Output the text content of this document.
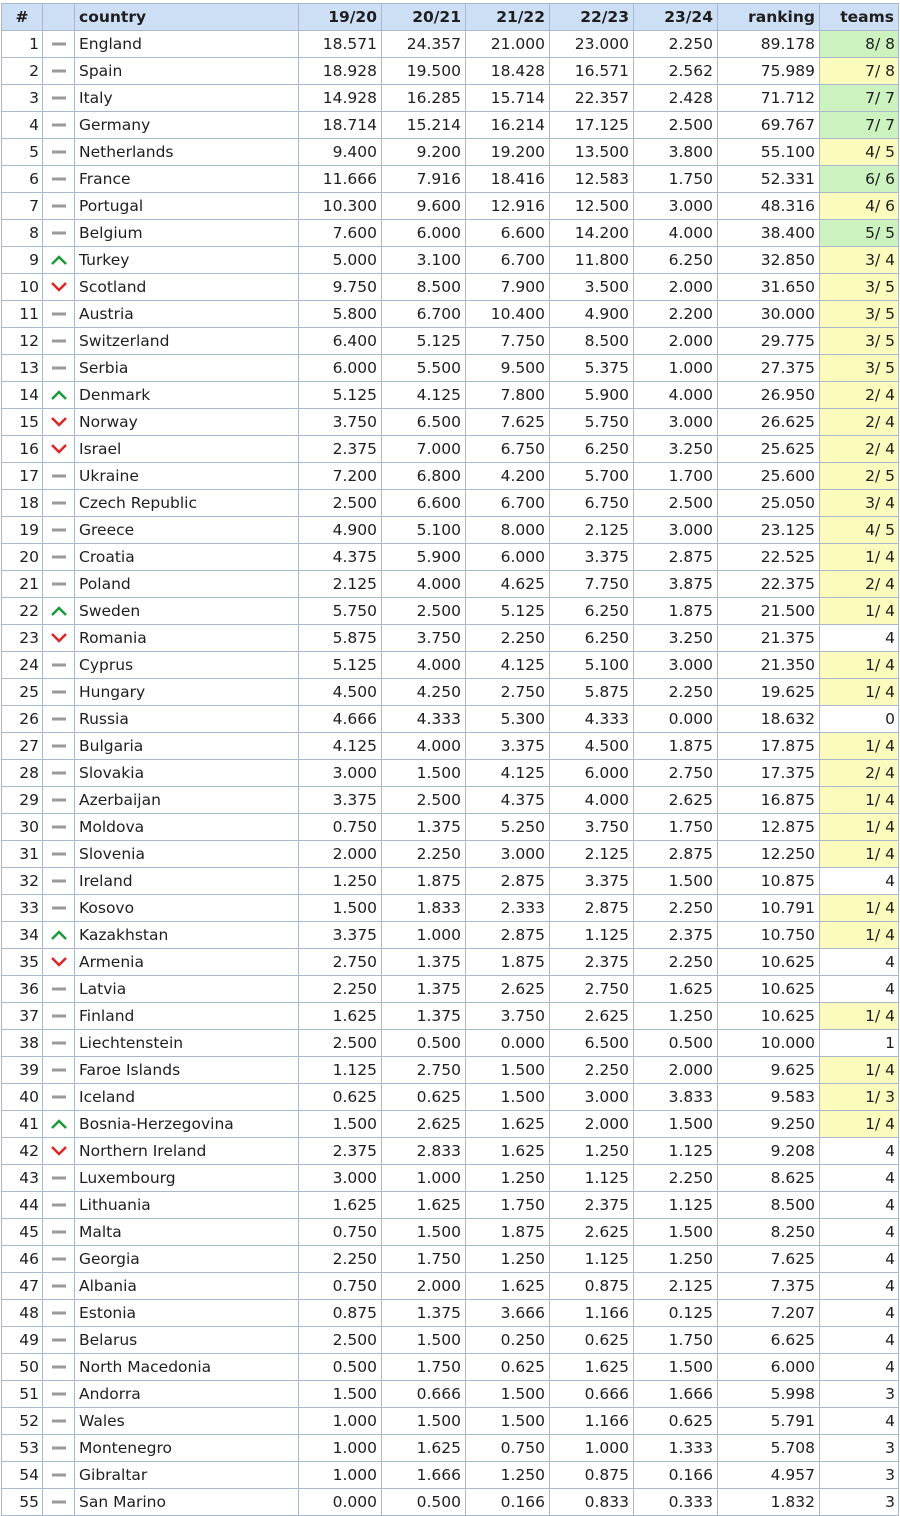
#		country	19/20	20/21	21/22	22/23	23/24	ranking	teams
1		England	18.571	24.357	21.000	23.000	2.250	89.178	8/ 8
2		Spain	18.928	19.500	18.428	16.571	2.562	75.989	7/ 8
3		Italy	14.928	16.285	15.714	22.357	2.428	71.712	7/ 7
4		Germany	18.714	15.214	16.214	17.125	2.500	69.767	7/ 7
5		Netherlands	9.400	9.200	19.200	13.500	3.800	55.100	4/ 5
6		France	11.666	7.916	18.416	12.583	1.750	52.331	6/ 6
7		Portugal	10.300	9.600	12.916	12.500	3.000	48.316	4/ 6
8		Belgium	7.600	6.000	6.600	14.200	4.000	38.400	5/ 5
9		Turkey	5.000	3.100	6.700	11.800	6.250	32.850	3/ 4
10		Scotland	9.750	8.500	7.900	3.500	2.000	31.650	3/ 5
11		Austria	5.800	6.700	10.400	4.900	2.200	30.000	3/ 5
12		Switzerland	6.400	5.125	7.750	8.500	2.000	29.775	3/ 5
13		Serbia	6.000	5.500	9.500	5.375	1.000	27.375	3/ 5
14		Denmark	5.125	4.125	7.800	5.900	4.000	26.950	2/ 4
15		Norway	3.750	6.500	7.625	5.750	3.000	26.625	2/ 4
16		Israel	2.375	7.000	6.750	6.250	3.250	25.625	2/ 4
17		Ukraine	7.200	6.800	4.200	5.700	1.700	25.600	2/ 5
18		Czech Republic	2.500	6.600	6.700	6.750	2.500	25.050	3/ 4
19		Greece	4.900	5.100	8.000	2.125	3.000	23.125	4/ 5
20		Croatia	4.375	5.900	6.000	3.375	2.875	22.525	1/ 4
21		Poland	2.125	4.000	4.625	7.750	3.875	22.375	2/ 4
22		Sweden	5.750	2.500	5.125	6.250	1.875	21.500	1/ 4
23		Romania	5.875	3.750	2.250	6.250	3.250	21.375	4
24		Cyprus	5.125	4.000	4.125	5.100	3.000	21.350	1/ 4
25		Hungary	4.500	4.250	2.750	5.875	2.250	19.625	1/ 4
26		Russia	4.666	4.333	5.300	4.333	0.000	18.632	0
27		Bulgaria	4.125	4.000	3.375	4.500	1.875	17.875	1/ 4
28		Slovakia	3.000	1.500	4.125	6.000	2.750	17.375	2/ 4
29		Azerbaijan	3.375	2.500	4.375	4.000	2.625	16.875	1/ 4
30		Moldova	0.750	1.375	5.250	3.750	1.750	12.875	1/ 4
31		Slovenia	2.000	2.250	3.000	2.125	2.875	12.250	1/ 4
32		Ireland	1.250	1.875	2.875	3.375	1.500	10.875	4
33		Kosovo	1.500	1.833	2.333	2.875	2.250	10.791	1/ 4
34		Kazakhstan	3.375	1.000	2.875	1.125	2.375	10.750	1/ 4
35		Armenia	2.750	1.375	1.875	2.375	2.250	10.625	4
36		Latvia	2.250	1.375	2.625	2.750	1.625	10.625	4
37		Finland	1.625	1.375	3.750	2.625	1.250	10.625	1/ 4
38		Liechtenstein	2.500	0.500	0.000	6.500	0.500	10.000	1
39		Faroe Islands	1.125	2.750	1.500	2.250	2.000	9.625	1/ 4
40		Iceland	0.625	0.625	1.500	3.000	3.833	9.583	1/ 3
41		Bosnia-Herzegovina	1.500	2.625	1.625	2.000	1.500	9.250	1/ 4
42		Northern Ireland	2.375	2.833	1.625	1.250	1.125	9.208	4
43		Luxembourg	3.000	1.000	1.250	1.125	2.250	8.625	4
44		Lithuania	1.625	1.625	1.750	2.375	1.125	8.500	4
45		Malta	0.750	1.500	1.875	2.625	1.500	8.250	4
46		Georgia	2.250	1.750	1.250	1.125	1.250	7.625	4
47		Albania	0.750	2.000	1.625	0.875	2.125	7.375	4
48		Estonia	0.875	1.375	3.666	1.166	0.125	7.207	4
49		Belarus	2.500	1.500	0.250	0.625	1.750	6.625	4
50		North Macedonia	0.500	1.750	0.625	1.625	1.500	6.000	4
51		Andorra	1.500	0.666	1.500	0.666	1.666	5.998	3
52		Wales	1.000	1.500	1.500	1.166	0.625	5.791	4
53		Montenegro	1.000	1.625	0.750	1.000	1.333	5.708	3
54		Gibraltar	1.000	1.666	1.250	0.875	0.166	4.957	3
55		San Marino	0.000	0.500	0.166	0.833	0.333	1.832	3
